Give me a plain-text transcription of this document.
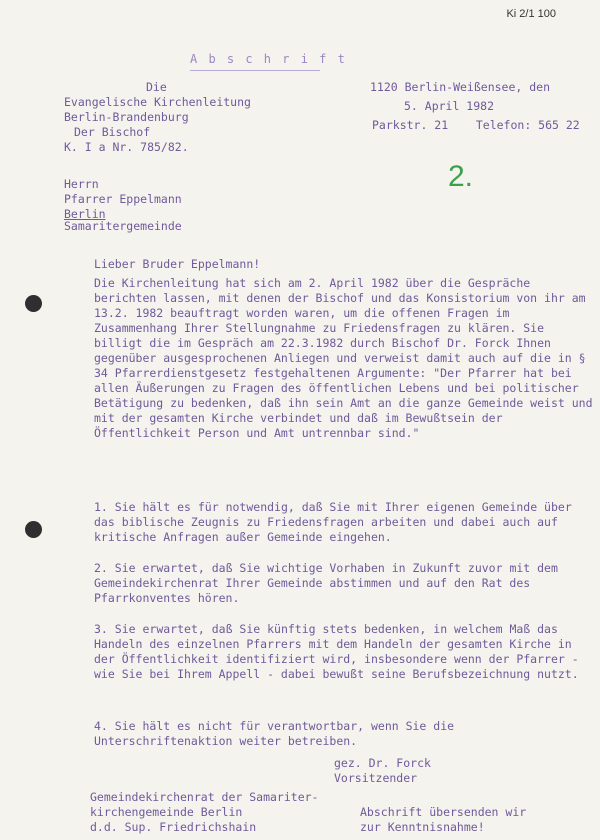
Ki 2/1 100
A b s c h r i f t
Die
Evangelische Kirchenleitung
Berlin-Brandenburg
Der Bischof
1120 Berlin-Weißensee, den
5. April 1982
Parkstr. 21    Telefon: 565 22
K. I a Nr. 785/82.
2.
Herrn
Pfarrer Eppelmann
Berlin
Samaritergemeinde
Lieber Bruder Eppelmann!

Die Kirchenleitung hat sich am 2. April 1982 über die Gespräche berichten lassen, mit denen der Bischof und das Konsistorium von ihr am 13.2. 1982 beauftragt worden waren, um die offenen Fragen im Zusammenhang Ihrer Stellungnahme zu Friedensfragen zu klären. Sie billigt die im Gespräch am 22.3.1982 durch Bischof Dr. Forck Ihnen gegenüber ausgesprochenen Anliegen und verweist damit auch auf die in § 34 Pfarrerdienstgesetz festgehaltenen Argumente: "Der Pfarrer hat bei allen Äußerungen zu Fragen des öffentlichen Lebens und bei politischer Betätigung zu bedenken, daß ihn sein Amt an die ganze Gemeinde weist und mit der gesamten Kirche verbindet und daß im Bewußtsein der Öffentlichkeit Person und Amt untrennbar sind."

1. Sie hält es für notwendig, daß Sie mit Ihrer eigenen Gemeinde über das biblische Zeugnis zu Friedensfragen arbeiten und dabei auch auf kritische Anfragen außer Gemeinde eingehen.

2. Sie erwartet, daß Sie wichtige Vorhaben in Zukunft zuvor mit dem Gemeindekirchenrat Ihrer Gemeinde abstimmen und auf den Rat des Pfarrkonventes hören.

3. Sie erwartet, daß Sie künftig stets bedenken, in welchem Maß das Handeln des einzelnen Pfarrers mit dem Handeln der gesamten Kirche in der Öffentlichkeit identifiziert wird, insbesondere wenn der Pfarrer - wie Sie bei Ihrem Appell - dabei bewußt seine Berufsbezeichnung nutzt.

4. Sie hält es nicht für verantwortbar, wenn Sie die Unterschriftenaktion weiter betreiben.

gez. Dr. Forck
Vorsitzender
Gemeindekirchenrat der Samariter-
kirchengemeinde Berlin
d.d. Sup. Friedrichshain
Abschrift übersenden wir
zur Kenntnisnahme!
